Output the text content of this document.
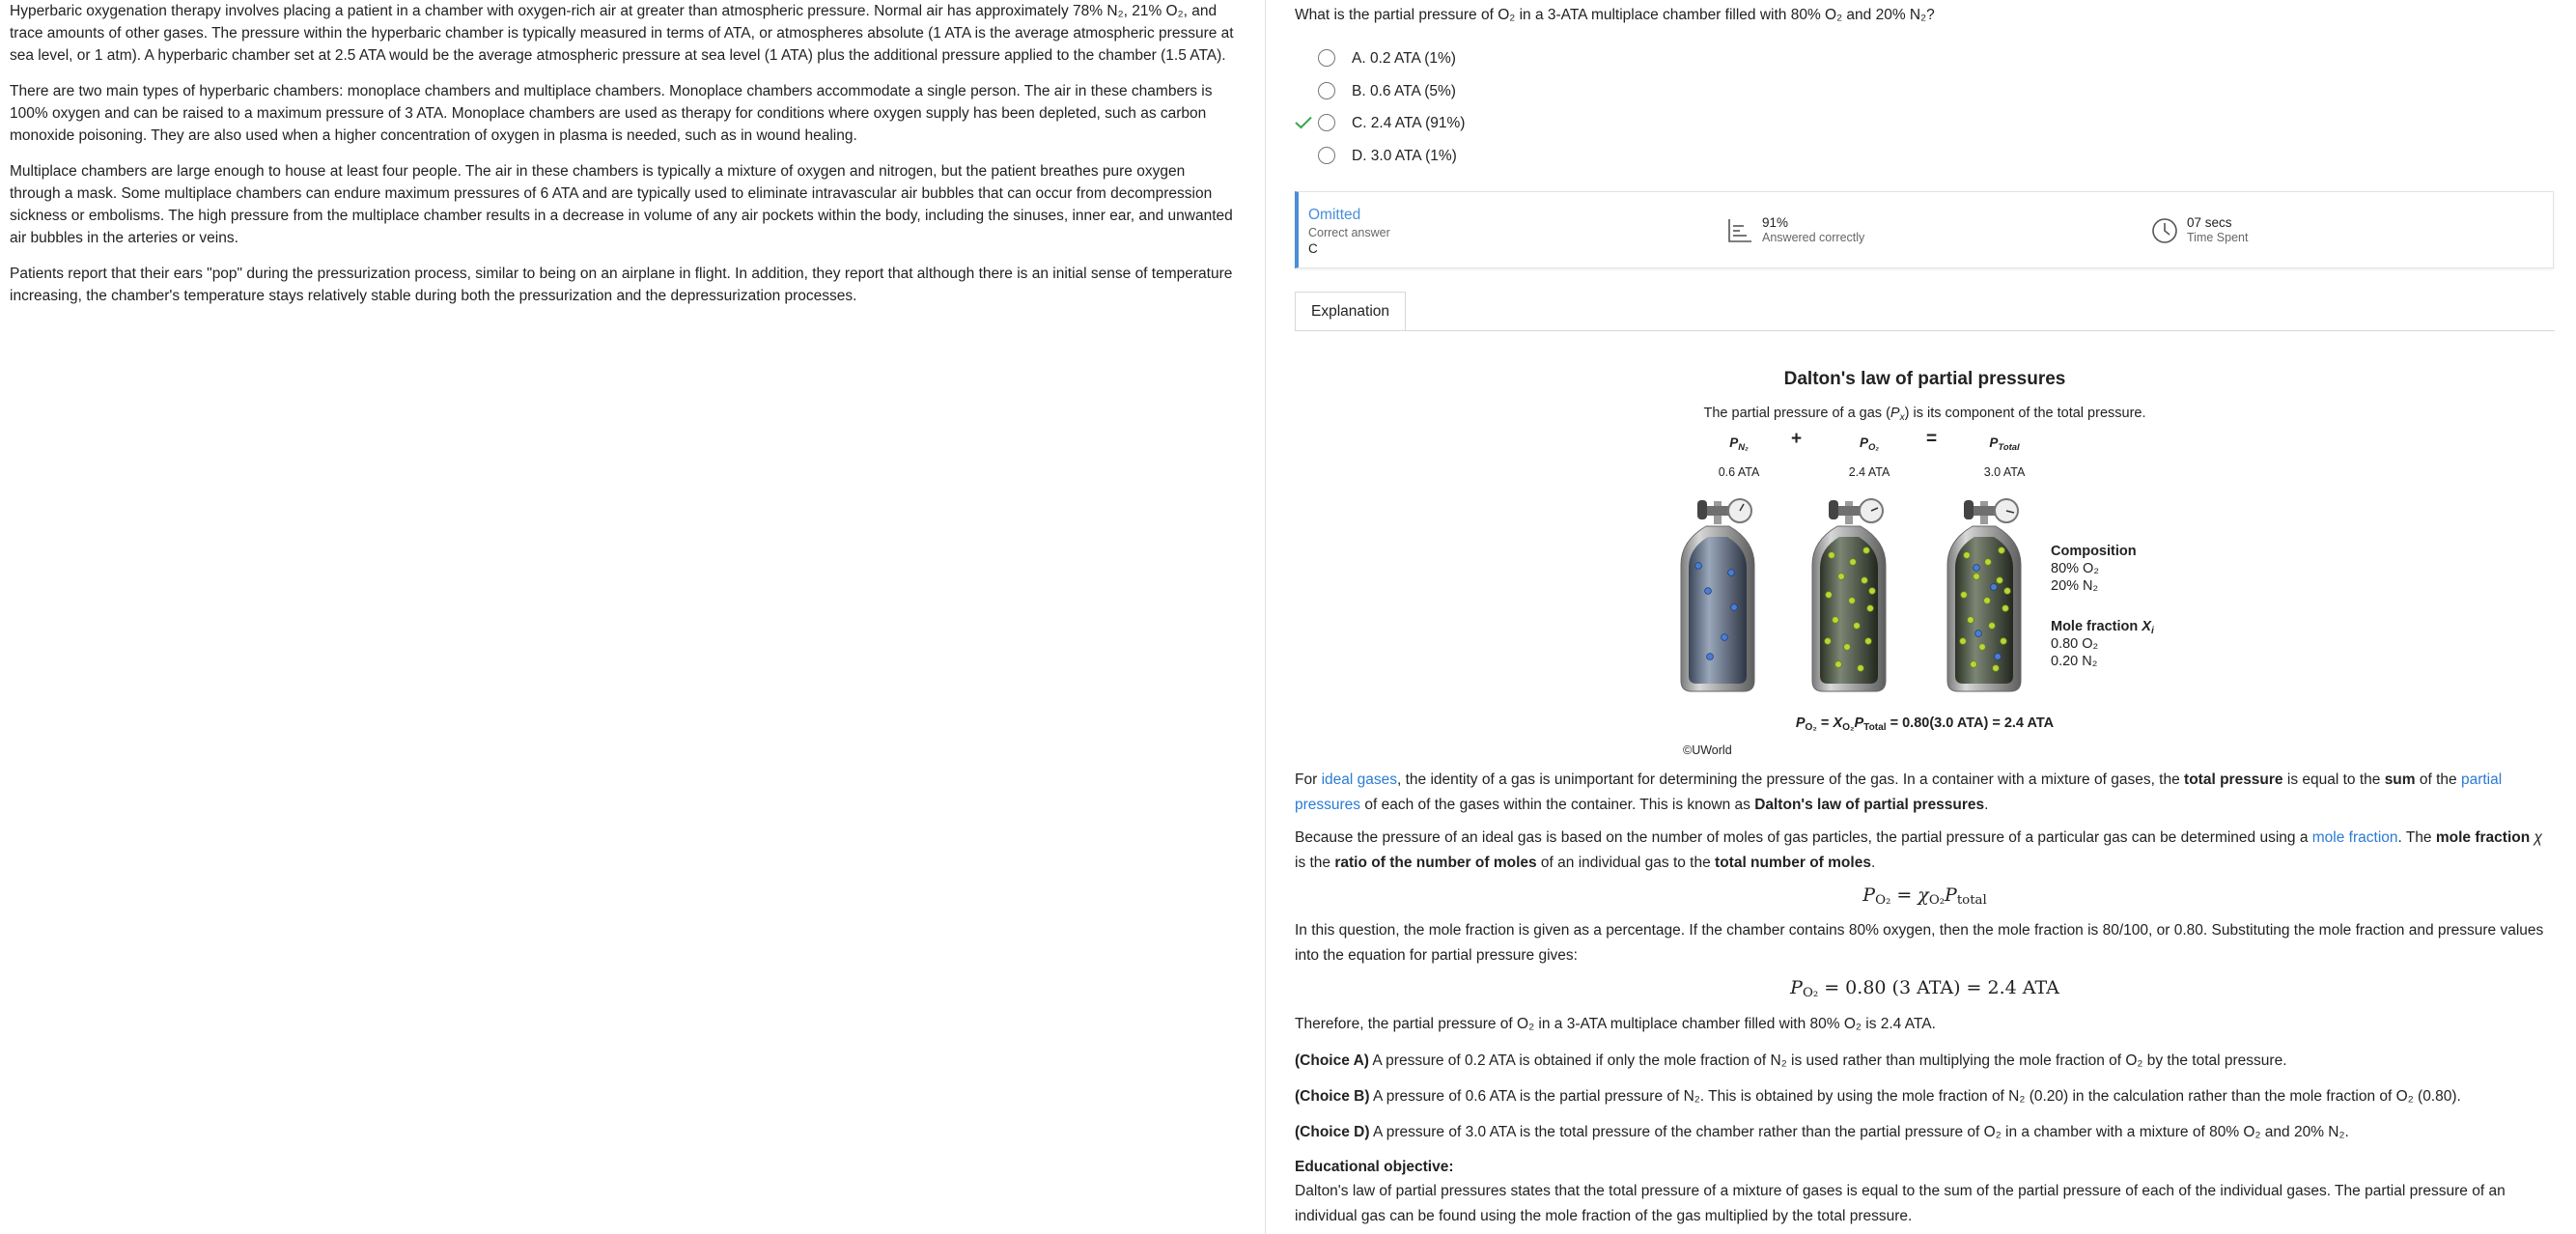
Hyperbaric oxygenation therapy involves placing a patient in a chamber with oxygen-rich air at greater than atmospheric pressure. Normal air has approximately 78% N₂, 21% O₂, and trace amounts of other gases. The pressure within the hyperbaric chamber is typically measured in terms of ATA, or atmospheres absolute (1 ATA is the average atmospheric pressure at sea level, or 1 atm). A hyperbaric chamber set at 2.5 ATA would be the average atmospheric pressure at sea level (1 ATA) plus the additional pressure applied to the chamber (1.5 ATA).

There are two main types of hyperbaric chambers: monoplace chambers and multiplace chambers. Monoplace chambers accommodate a single person. The air in these chambers is 100% oxygen and can be raised to a maximum pressure of 3 ATA. Monoplace chambers are used as therapy for conditions where oxygen supply has been depleted, such as carbon monoxide poisoning. They are also used when a higher concentration of oxygen in plasma is needed, such as in wound healing.

Multiplace chambers are large enough to house at least four people. The air in these chambers is typically a mixture of oxygen and nitrogen, but the patient breathes pure oxygen through a mask. Some multiplace chambers can endure maximum pressures of 6 ATA and are typically used to eliminate intravascular air bubbles that can occur from decompression sickness or embolisms. The high pressure from the multiplace chamber results in a decrease in volume of any air pockets within the body, including the sinuses, inner ear, and unwanted air bubbles in the arteries or veins.

Patients report that their ears "pop" during the pressurization process, similar to being on an airplane in flight. In addition, they report that although there is an initial sense of temperature increasing, the chamber's temperature stays relatively stable during both the pressurization and the depressurization processes.

What is the partial pressure of O₂ in a 3-ATA multiplace chamber filled with 80% O₂ and 20% N₂?
A. 0.2 ATA (1%)
B. 0.6 ATA (5%)
C. 2.4 ATA (91%)
D. 3.0 ATA (1%)
Omitted
Correct answer
C
91%
Answered correctly
07 secs
Time Spent
Explanation
Dalton's law of partial pressures
The partial pressure of a gas $(P_x)$ is its component of the total pressure.
$P_{N_2}$
0.6 ATA
+	$P_{O_2}$
2.4 ATA
=	$P_{Total}$
3.0 ATA
Composition
80% O₂
20% N₂
Mole fraction $X_i$
0.80 O₂
0.20 N₂
$P_{O_2} = X_{O_2}P_{Total} = 0.80(3.0$ ATA) = 2.4 ATA
©UWorld
For ideal gases, the identity of a gas is unimportant for determining the pressure of the gas. In a container with a mixture of gases, the total pressure is equal to the sum of the partial pressures of each of the gases within the container. This is known as Dalton's law of partial pressures.
Because the pressure of an ideal gas is based on the number of moles of gas particles, the partial pressure of a particular gas can be determined using a mole fraction. The mole fraction χ is the ratio of the number of moles of an individual gas to the total number of moles.
$P_{O_2} = \chi_{O_2}P_{total}$
In this question, the mole fraction is given as a percentage. If the chamber contains 80% oxygen, then the mole fraction is 80/100, or 0.80. Substituting the mole fraction and pressure values into the equation for partial pressure gives:
$P_{O_2} = 0.80$ (3 ATA) = 2.4 ATA
Therefore, the partial pressure of O₂ in a 3-ATA multiplace chamber filled with 80% O₂ is 2.4 ATA.
(Choice A) A pressure of 0.2 ATA is obtained if only the mole fraction of N₂ is used rather than multiplying the mole fraction of O₂ by the total pressure.
(Choice B) A pressure of 0.6 ATA is the partial pressure of N₂. This is obtained by using the mole fraction of N₂ (0.20) in the calculation rather than the mole fraction of O₂ (0.80).
(Choice D) A pressure of 3.0 ATA is the total pressure of the chamber rather than the partial pressure of O₂ in a chamber with a mixture of 80% O₂ and 20% N₂.
Educational objective:
Dalton's law of partial pressures states that the total pressure of a mixture of gases is equal to the sum of the partial pressure of each of the individual gases. The partial pressure of an individual gas can be found using the mole fraction of the gas multiplied by the total pressure.
